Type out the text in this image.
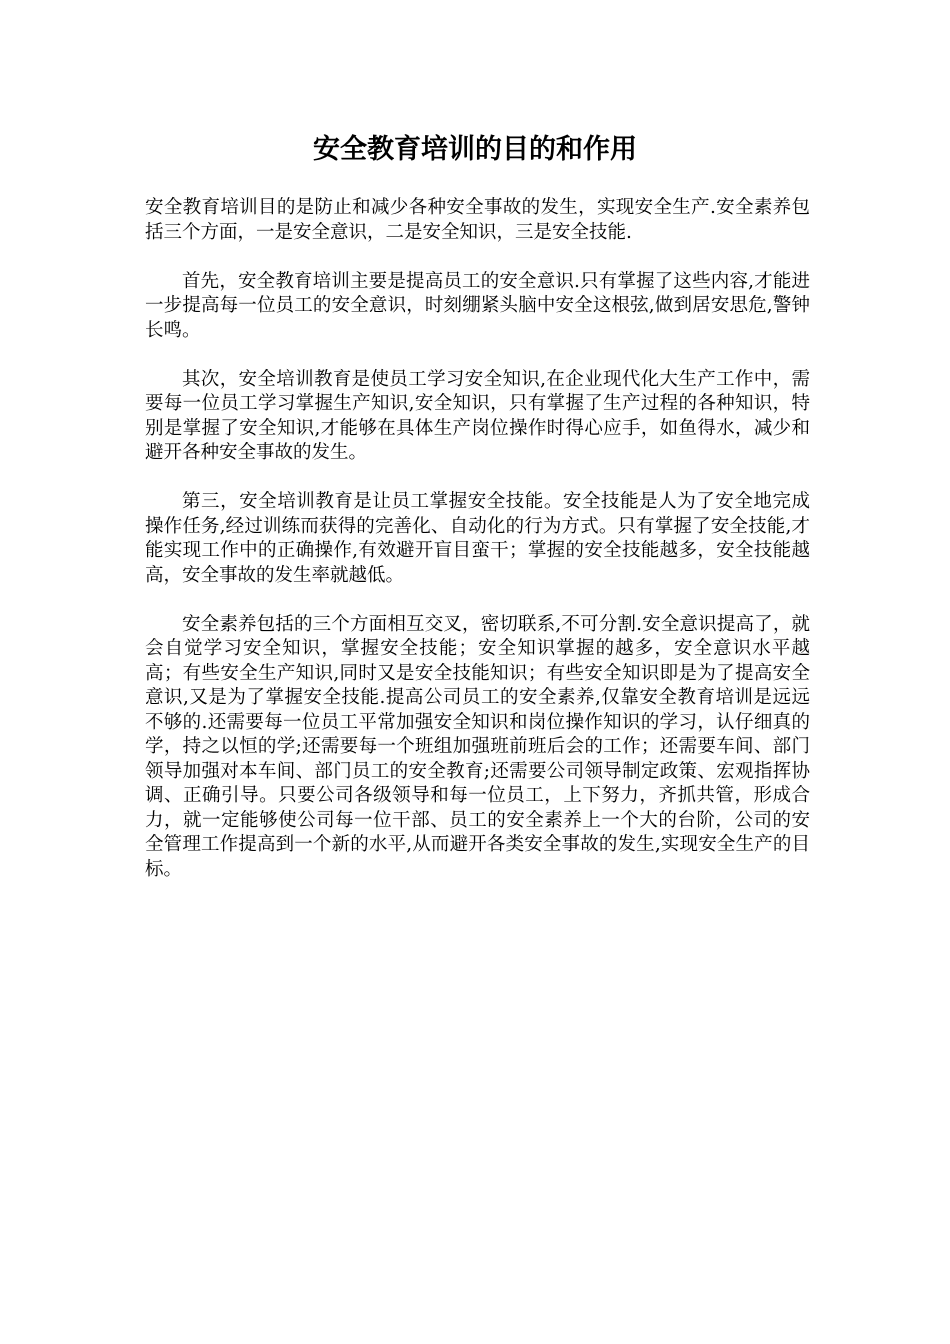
安全教育培训的目的和作用

安全教育培训目的是防止和减少各种安全事故的发生，实现安全生产.安全素养包括三个方面，一是安全意识，二是安全知识，三是安全技能.

首先，安全教育培训主要是提高员工的安全意识.只有掌握了这些内容,才能进一步提高每一位员工的安全意识，时刻绷紧头脑中安全这根弦,做到居安思危,警钟长鸣。

其次，安全培训教育是使员工学习安全知识,在企业现代化大生产工作中，需要每一位员工学习掌握生产知识,安全知识，只有掌握了生产过程的各种知识，特别是掌握了安全知识,才能够在具体生产岗位操作时得心应手，如鱼得水，减少和避开各种安全事故的发生。

第三，安全培训教育是让员工掌握安全技能。安全技能是人为了安全地完成操作任务,经过训练而获得的完善化、自动化的行为方式。只有掌握了安全技能,才能实现工作中的正确操作,有效避开盲目蛮干；掌握的安全技能越多，安全技能越高，安全事故的发生率就越低。

安全素养包括的三个方面相互交叉，密切联系,不可分割.安全意识提高了，就会自觉学习安全知识，掌握安全技能；安全知识掌握的越多，安全意识水平越高；有些安全生产知识,同时又是安全技能知识；有些安全知识即是为了提高安全意识,又是为了掌握安全技能.提高公司员工的安全素养,仅靠安全教育培训是远远不够的.还需要每一位员工平常加强安全知识和岗位操作知识的学习，认仔细真的学，持之以恒的学;还需要每一个班组加强班前班后会的工作；还需要车间、部门领导加强对本车间、部门员工的安全教育;还需要公司领导制定政策、宏观指挥协调、正确引导。只要公司各级领导和每一位员工，上下努力，齐抓共管，形成合力，就一定能够使公司每一位干部、员工的安全素养上一个大的台阶，公司的安全管理工作提高到一个新的水平,从而避开各类安全事故的发生,实现安全生产的目标。
